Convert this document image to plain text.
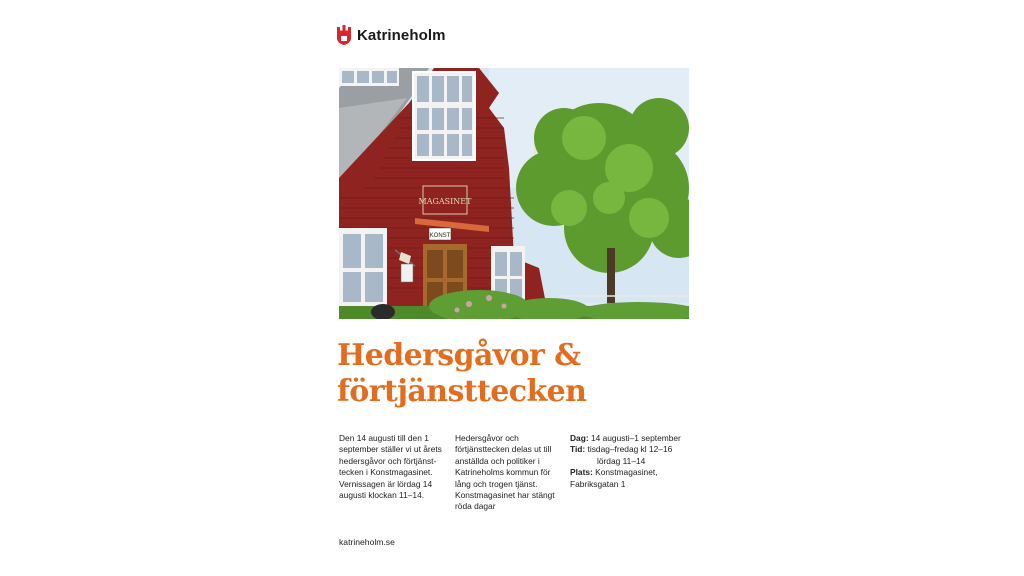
Katrineholm
MAGASINET
KONST
Hedersgåvor &
förtjänsttecken
Den 14 augusti till den 1
september ställer vi ut årets
hedersgåvor och förtjänst-
tecken i Konstmagasinet.
Vernissagen är lördag 14
augusti klockan 11–14.
Hedersgåvor och
förtjänsttecken delas ut till
anställda och politiker i
Katrineholms kommun för
lång och trogen tjänst.
Konstmagasinet har stängt
röda dagar
Dag: 14 augusti–1 september
Tid: tisdag–fredag kl 12–16
lördag 11–14
Plats: Konstmagasinet,
Fabriksgatan 1
katrineholm.se
